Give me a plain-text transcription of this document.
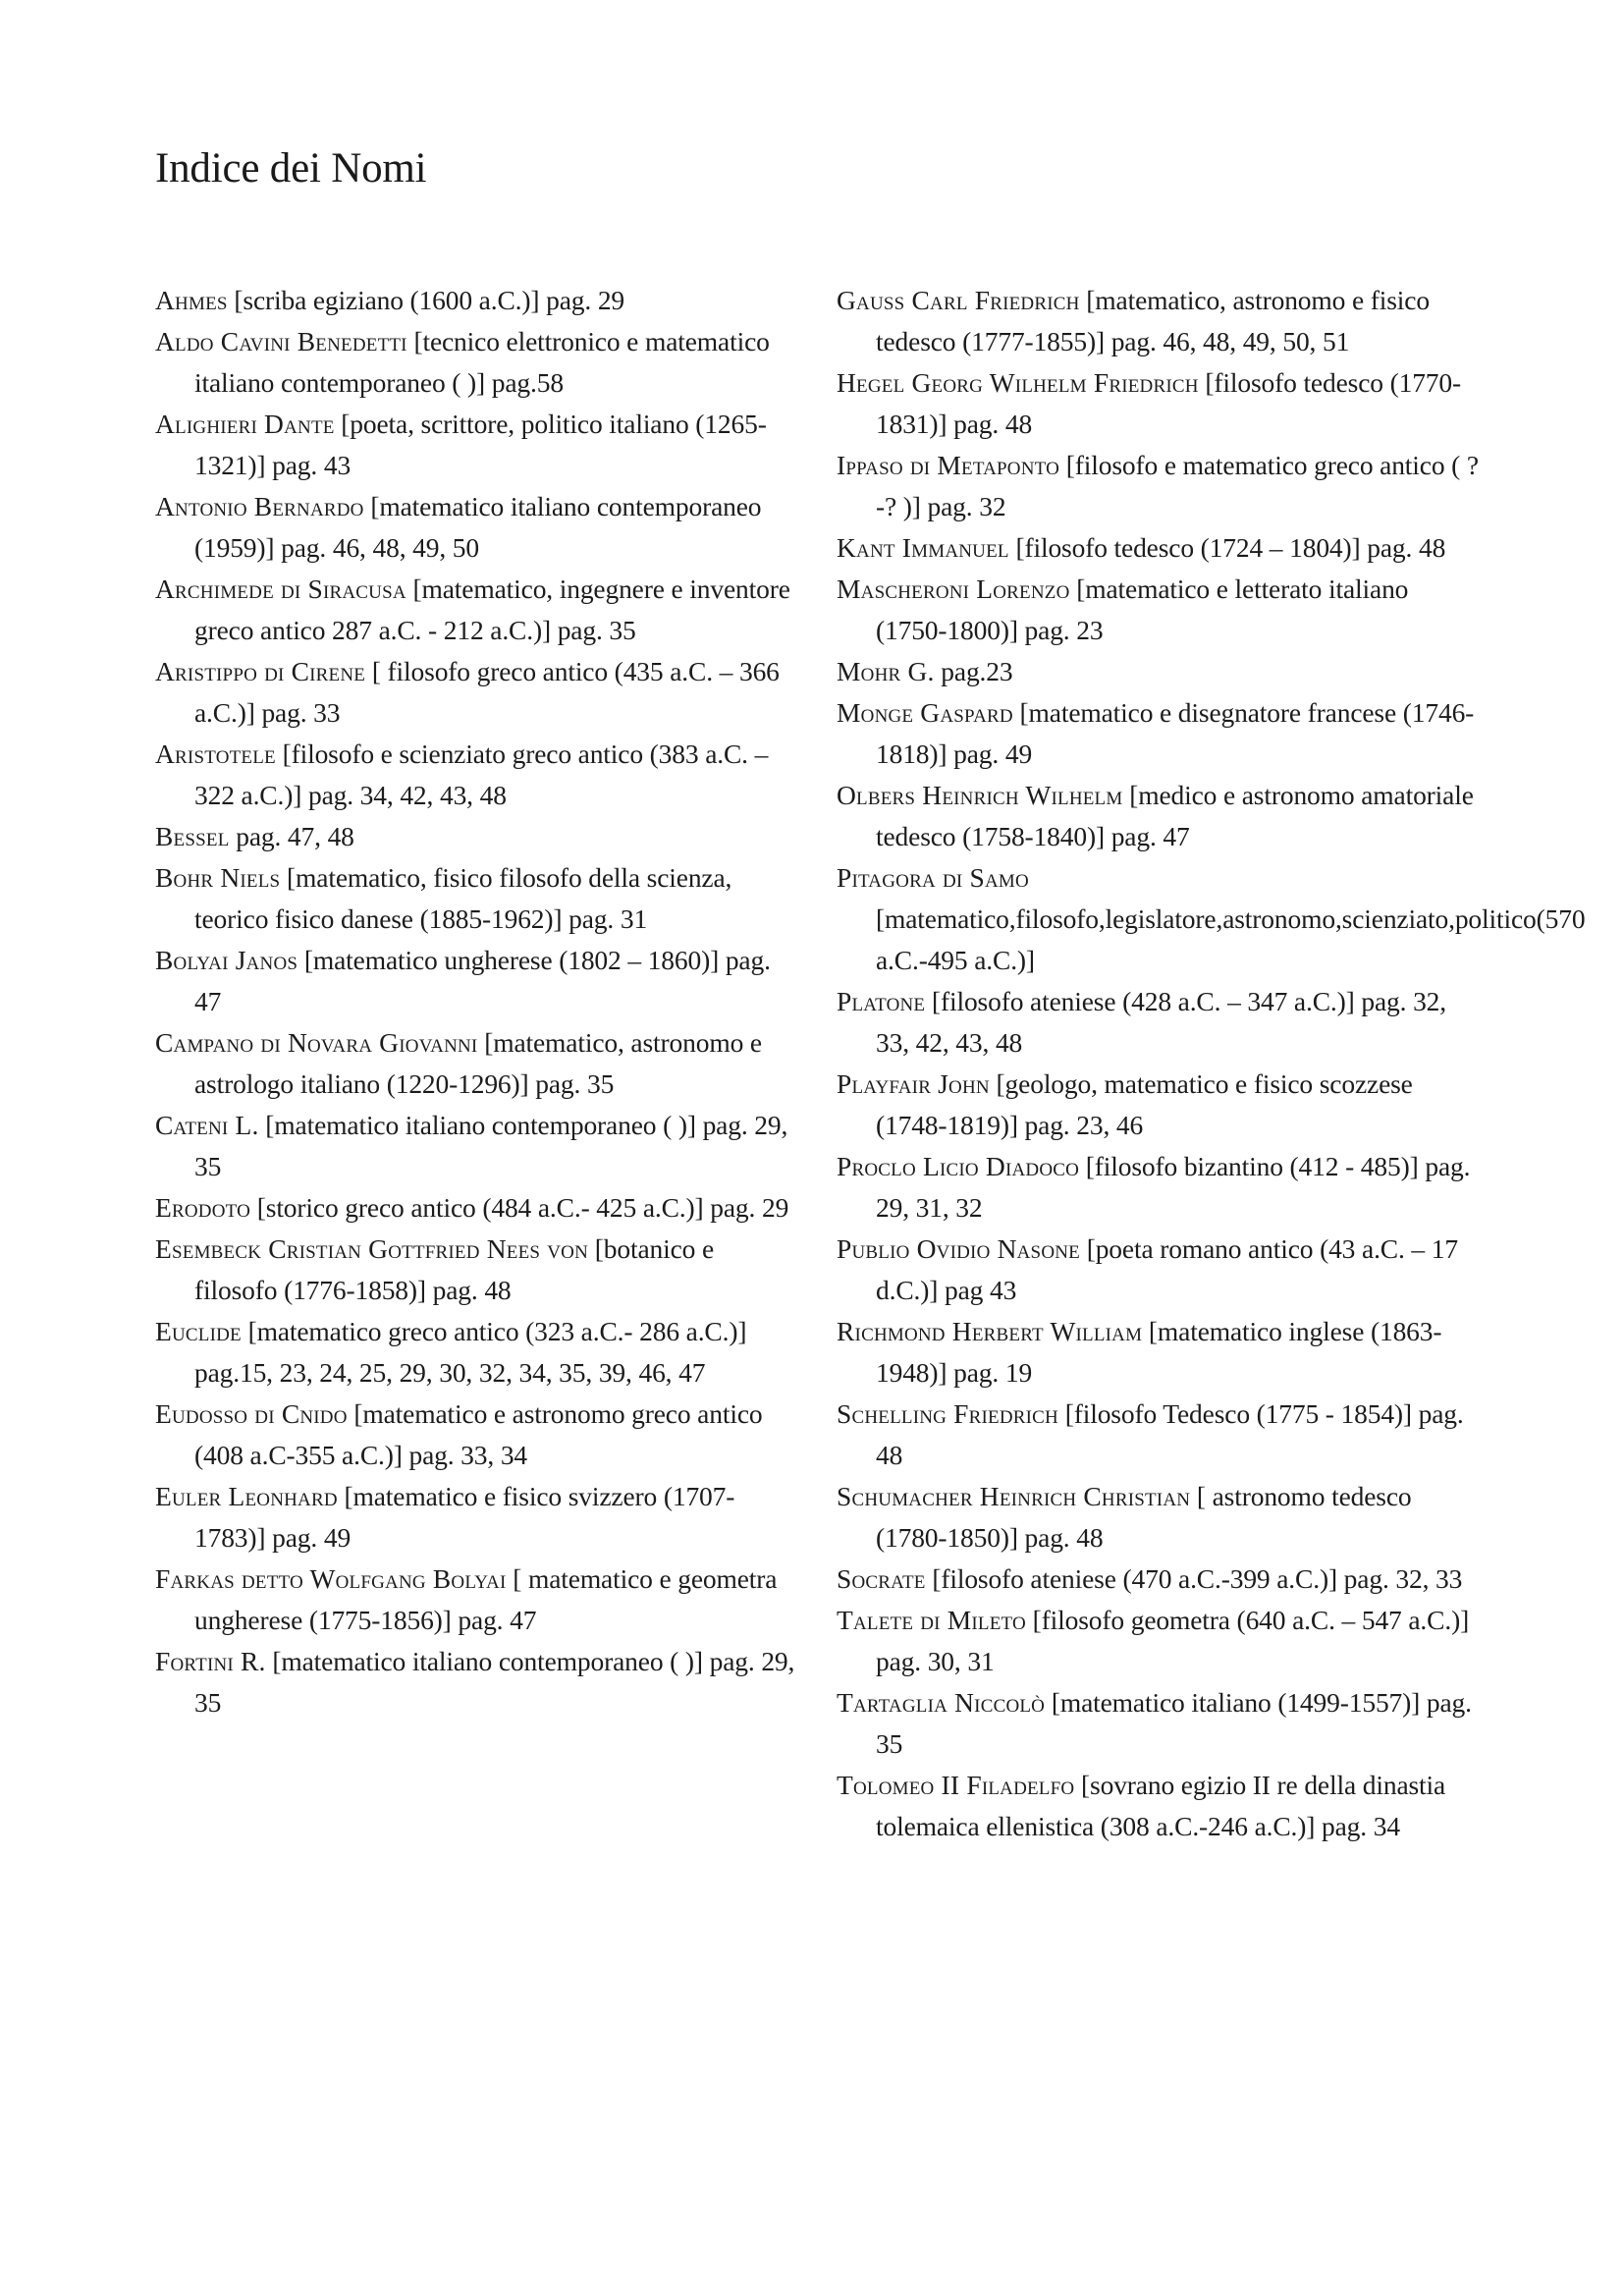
Indice dei Nomi

Ahmes [scriba egiziano (1600 a.C.)] pag. 29

Aldo Cavini Benedetti [tecnico elettronico e matematico italiano contemporaneo ( )] pag.58

Alighieri Dante [poeta, scrittore, politico italiano (1265-1321)] pag. 43

Antonio Bernardo [matematico italiano contemporaneo (1959)] pag. 46, 48, 49, 50

Archimede di Siracusa [matematico, ingegnere e inventore greco antico 287 a.C. - 212 a.C.)] pag. 35

Aristippo di Cirene [ filosofo greco antico (435 a.C. – 366 a.C.)] pag. 33

Aristotele [filosofo e scienziato greco antico (383 a.C. – 322 a.C.)] pag. 34, 42, 43, 48

Bessel pag. 47, 48

Bohr Niels [matematico, fisico filosofo della scienza, teorico fisico danese (1885-1962)] pag. 31

Bolyai Janos [matematico ungherese (1802 – 1860)] pag. 47

Campano di Novara Giovanni [matematico, astronomo e astrologo italiano (1220-1296)] pag. 35

Cateni L. [matematico italiano contemporaneo ( )] pag. 29, 35

Erodoto [storico greco antico (484 a.C.- 425 a.C.)] pag. 29

Esembeck Cristian Gottfried Nees von [botanico e filosofo (1776-1858)] pag. 48

Euclide [matematico greco antico (323 a.C.- 286 a.C.)] pag.15, 23, 24, 25, 29, 30, 32, 34, 35, 39, 46, 47

Eudosso di Cnido [matematico e astronomo greco antico (408 a.C-355 a.C.)] pag. 33, 34

Euler Leonhard [matematico e fisico svizzero (1707-1783)] pag. 49

Farkas detto Wolfgang Bolyai [ matematico e geometra ungherese (1775-1856)] pag. 47

Fortini R. [matematico italiano contemporaneo ( )] pag. 29, 35

Gauss Carl Friedrich [matematico, astronomo e fisico tedesco (1777-1855)] pag. 46, 48, 49, 50, 51

Hegel Georg Wilhelm Friedrich [filosofo tedesco (1770-1831)] pag. 48

Ippaso di Metaponto [filosofo e matematico greco antico ( ? -? )] pag. 32

Kant Immanuel [filosofo tedesco (1724 – 1804)] pag. 48

Mascheroni Lorenzo [matematico e letterato italiano (1750-1800)] pag. 23

Mohr G. pag.23

Monge Gaspard [matematico e disegnatore francese (1746-1818)] pag. 49

Olbers Heinrich Wilhelm [medico e astronomo amatoriale tedesco (1758-1840)] pag. 47

Pitagora di Samo [matematico,filosofo,legislatore,astronomo,scienziato,politico(570 a.C.-495 a.C.)]

Platone [filosofo ateniese (428 a.C. – 347 a.C.)] pag. 32, 33, 42, 43, 48

Playfair John [geologo, matematico e fisico scozzese (1748-1819)] pag. 23, 46

Proclo Licio Diadoco [filosofo bizantino (412 - 485)] pag. 29, 31, 32

Publio Ovidio Nasone [poeta romano antico (43 a.C. – 17 d.C.)] pag 43

Richmond Herbert William [matematico inglese (1863-1948)] pag. 19

Schelling Friedrich [filosofo Tedesco (1775 - 1854)] pag. 48

Schumacher Heinrich Christian [ astronomo tedesco (1780-1850)] pag. 48

Socrate [filosofo ateniese (470 a.C.-399 a.C.)] pag. 32, 33

Talete di Mileto [filosofo geometra (640 a.C. – 547 a.C.)] pag. 30, 31

Tartaglia Niccolò [matematico italiano (1499-1557)] pag. 35

Tolomeo II Filadelfo [sovrano egizio II re della dinastia tolemaica ellenistica (308 a.C.-246 a.C.)] pag. 34
